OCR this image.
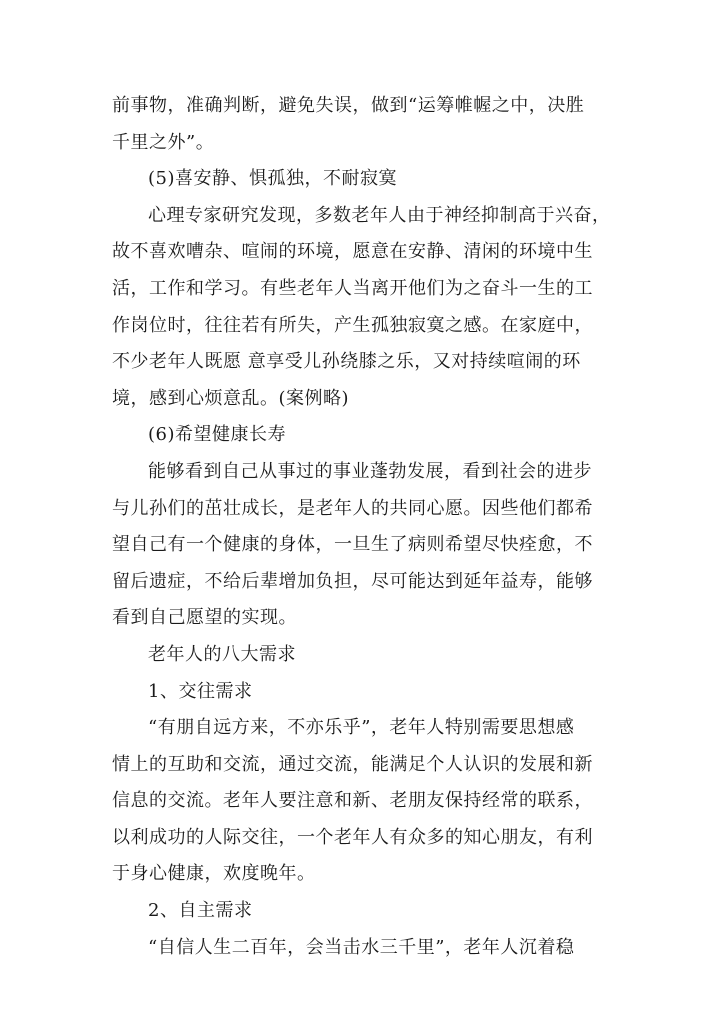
前事物，准确判断，避免失误，做到“运筹帷幄之中，决胜
千里之外”。
(5)喜安静、惧孤独，不耐寂寞
心理专家研究发现，多数老年人由于神经抑制高于兴奋，
故不喜欢嘈杂、喧闹的环境，愿意在安静、清闲的环境中生
活，工作和学习。有些老年人当离开他们为之奋斗一生的工
作岗位时，往往若有所失，产生孤独寂寞之感。在家庭中，
不少老年人既愿 意享受儿孙绕膝之乐，又对持续喧闹的环
境，感到心烦意乱。(案例略)
(6)希望健康长寿
能够看到自己从事过的事业蓬勃发展，看到社会的进步
与儿孙们的茁壮成长，是老年人的共同心愿。因些他们都希
望自己有一个健康的身体，一旦生了病则希望尽快痊愈，不
留后遗症，不给后辈增加负担，尽可能达到延年益寿，能够
看到自己愿望的实现。
老年人的八大需求
1、交往需求
“有朋自远方来，不亦乐乎”，老年人特别需要思想感
情上的互助和交流，通过交流，能满足个人认识的发展和新
信息的交流。老年人要注意和新、老朋友保持经常的联系，
以利成功的人际交往，一个老年人有众多的知心朋友，有利
于身心健康，欢度晚年。
2、自主需求
“自信人生二百年，会当击水三千里”，老年人沉着稳
